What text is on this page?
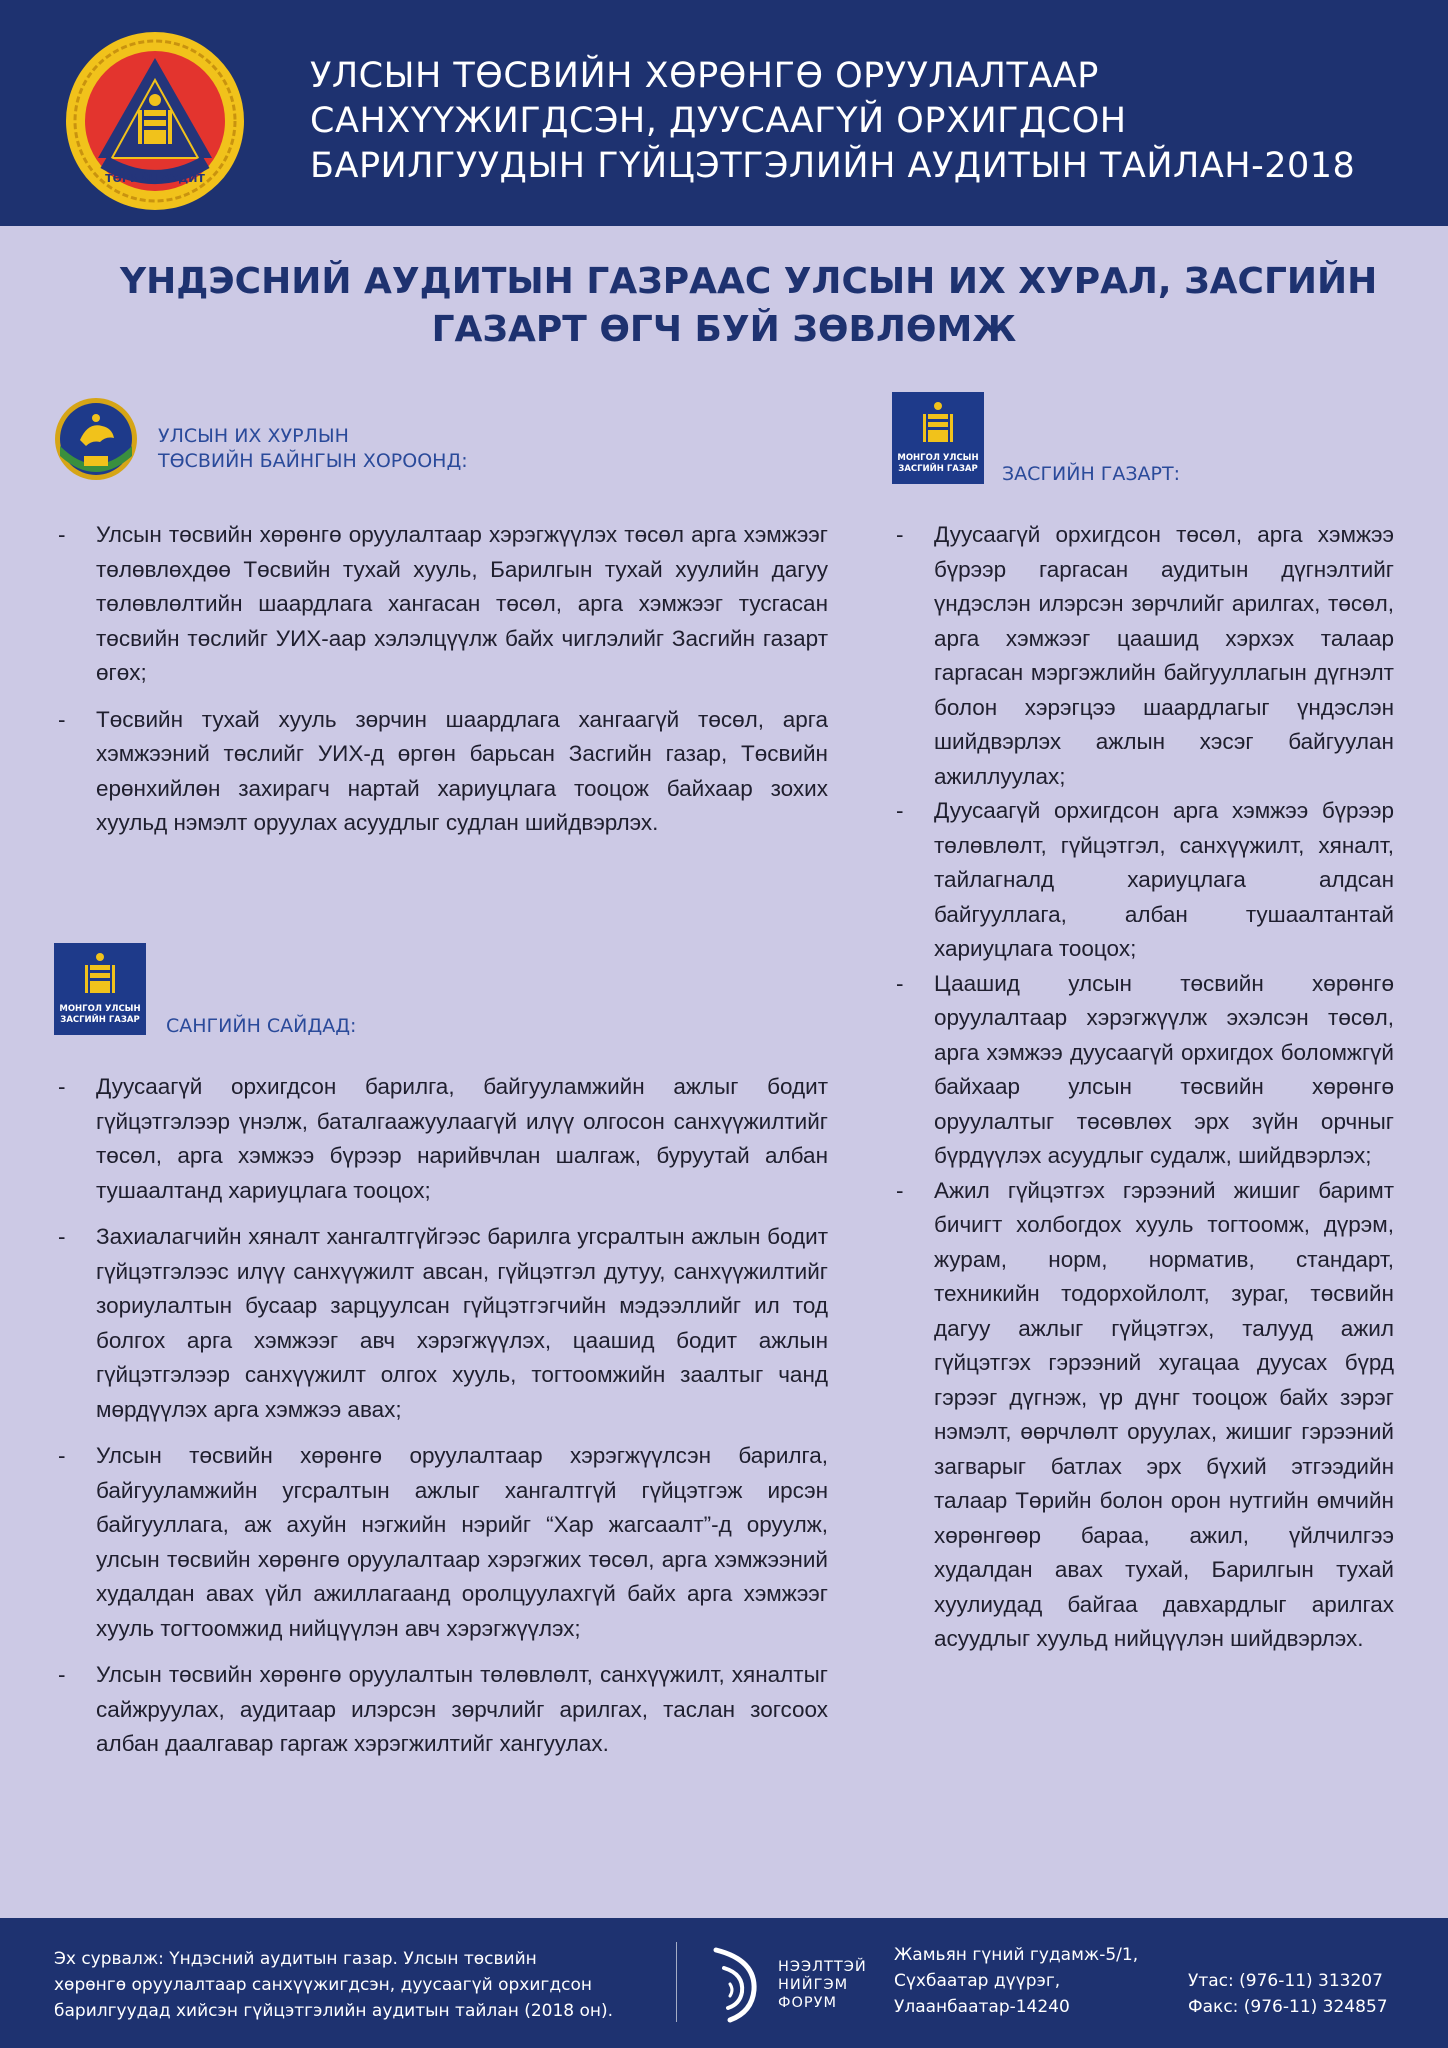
ТӨРИЙН АУДИТ
УЛСЫН ТӨСВИЙН ХӨРӨНГӨ ОРУУЛАЛТААР
САНХҮҮЖИГДСЭН, ДУУСААГҮЙ ОРХИГДСОН
БАРИЛГУУДЫН ГҮЙЦЭТГЭЛИЙН АУДИТЫН ТАЙЛАН-2018
ҮНДЭСНИЙ АУДИТЫН ГАЗРААС УЛСЫН ИХ ХУРАЛ, ЗАСГИЙН
ГАЗАРТ ӨГЧ БУЙ ЗӨВЛӨМЖ
УЛСЫН ИХ ХУРЛЫН
ТӨСВИЙН БАЙНГЫН ХОРООНД:
- Улсын төсвийн хөрөнгө оруулалтаар хэрэгжүүлэх төсөл арга хэмжээг төлөвлөхдөө Төсвийн тухай хууль, Барилгын тухай хуулийн дагуу төлөвлөлтийн шаардлага хангасан төсөл, арга хэмжээг тусгасан төсвийн төслийг УИХ-аар хэлэлцүүлж байх чиглэлийг Засгийн газарт өгөх;
- Төсвийн тухай хууль зөрчин шаардлага хангаагүй төсөл, арга хэмжээний төслийг УИХ-д өргөн барьсан Засгийн газар, Төсвийн ерөнхийлөн захирагч нартай хариуцлага тооцож байхаар зохих хуульд нэмэлт оруулах асуудлыг судлан шийдвэрлэх.
МОНГОЛ УЛСЫН
ЗАСГИЙН ГАЗАР САНГИЙН САЙДАД:
- Дуусаагүй орхигдсон барилга, байгууламжийн ажлыг бодит гүйцэтгэлээр үнэлж, баталгаажуулаагүй илүү олгосон санхүүжилтийг төсөл, арга хэмжээ бүрээр нарийвчлан шалгаж, буруутай албан тушаалтанд хариуцлага тооцох;
- Захиалагчийн хяналт хангалтгүйгээс барилга угсралтын ажлын бодит гүйцэтгэлээс илүү санхүүжилт авсан, гүйцэтгэл дутуу, санхүүжилтийг зориулалтын бусаар зарцуулсан гүйцэтгэгчийн мэдээллийг ил тод болгох арга хэмжээг авч хэрэгжүүлэх, цаашид бодит ажлын гүйцэтгэлээр санхүүжилт олгох хууль, тогтоомжийн заалтыг чанд мөрдүүлэх арга хэмжээ авах;
- Улсын төсвийн хөрөнгө оруулалтаар хэрэгжүүлсэн барилга, байгууламжийн угсралтын ажлыг хангалтгүй гүйцэтгэж ирсэн байгууллага, аж ахуйн нэгжийн нэрийг “Хар жагсаалт”-д оруулж, улсын төсвийн хөрөнгө оруулалтаар хэрэгжих төсөл, арга хэмжээний худалдан авах үйл ажиллагаанд оролцуулахгүй байх арга хэмжээг хууль тогтоомжид нийцүүлэн авч хэрэгжүүлэх;
- Улсын төсвийн хөрөнгө оруулалтын төлөвлөлт, санхүүжилт, хяналтыг сайжруулах, аудитаар илэрсэн зөрчлийг арилгах, таслан зогсоох албан даалгавар гаргаж хэрэгжилтийг хангуулах.
МОНГОЛ УЛСЫН
ЗАСГИЙН ГАЗАР ЗАСГИЙН ГАЗАРТ:
- Дуусаагүй орхигдсон төсөл, арга хэмжээ бүрээр гаргасан аудитын дүгнэлтийг үндэслэн илэрсэн зөрчлийг арилгах, төсөл, арга хэмжээг цаашид хэрхэх талаар гаргасан мэргэжлийн байгууллагын дүгнэлт болон хэрэгцээ шаардлагыг үндэслэн шийдвэрлэх ажлын хэсэг байгуулан ажиллуулах;
- Дуусаагүй орхигдсон арга хэмжээ бүрээр төлөвлөлт, гүйцэтгэл, санхүүжилт, хяналт, тайлагналд хариуцлага алдсан байгууллага, албан тушаалтантай хариуцлага тооцох;
- Цаашид улсын төсвийн хөрөнгө оруулалтаар хэрэгжүүлж эхэлсэн төсөл, арга хэмжээ дуусаагүй орхигдох боломжгүй байхаар улсын төсвийн хөрөнгө оруулалтыг төсөвлөх эрх зүйн орчныг бүрдүүлэх асуудлыг судалж, шийдвэрлэх;
- Ажил гүйцэтгэх гэрээний жишиг баримт бичигт холбогдох хууль тогтоомж, дүрэм, журам, норм, норматив, стандарт, техникийн тодорхойлолт, зураг, төсвийн дагуу ажлыг гүйцэтгэх, талууд ажил гүйцэтгэх гэрээний хугацаа дуусах бүрд гэрээг дүгнэж, үр дүнг тооцож байх зэрэг нэмэлт, өөрчлөлт оруулах, жишиг гэрээний загварыг батлах эрх бүхий этгээдийн талаар Төрийн болон орон нутгийн өмчийн хөрөнгөөр бараа, ажил, үйлчилгээ худалдан авах тухай, Барилгын тухай хуулиудад байгаа давхардлыг арилгах асуудлыг хуульд нийцүүлэн шийдвэрлэх.
Эх сурвалж: Үндэсний аудитын газар. Улсын төсвийн
хөрөнгө оруулалтаар санхүүжигдсэн, дуусаагүй орхигдсон
барилгуудад хийсэн гүйцэтгэлийн аудитын тайлан (2018 он).
НЭЭЛТТЭЙ
НИЙГЭМ
ФОРУМ
Жамьян гүний гудамж-5/1,
Сүхбаатар дүүрэг,
Улаанбаатар-14240
Утас: (976-11) 313207
Факс: (976-11) 324857
